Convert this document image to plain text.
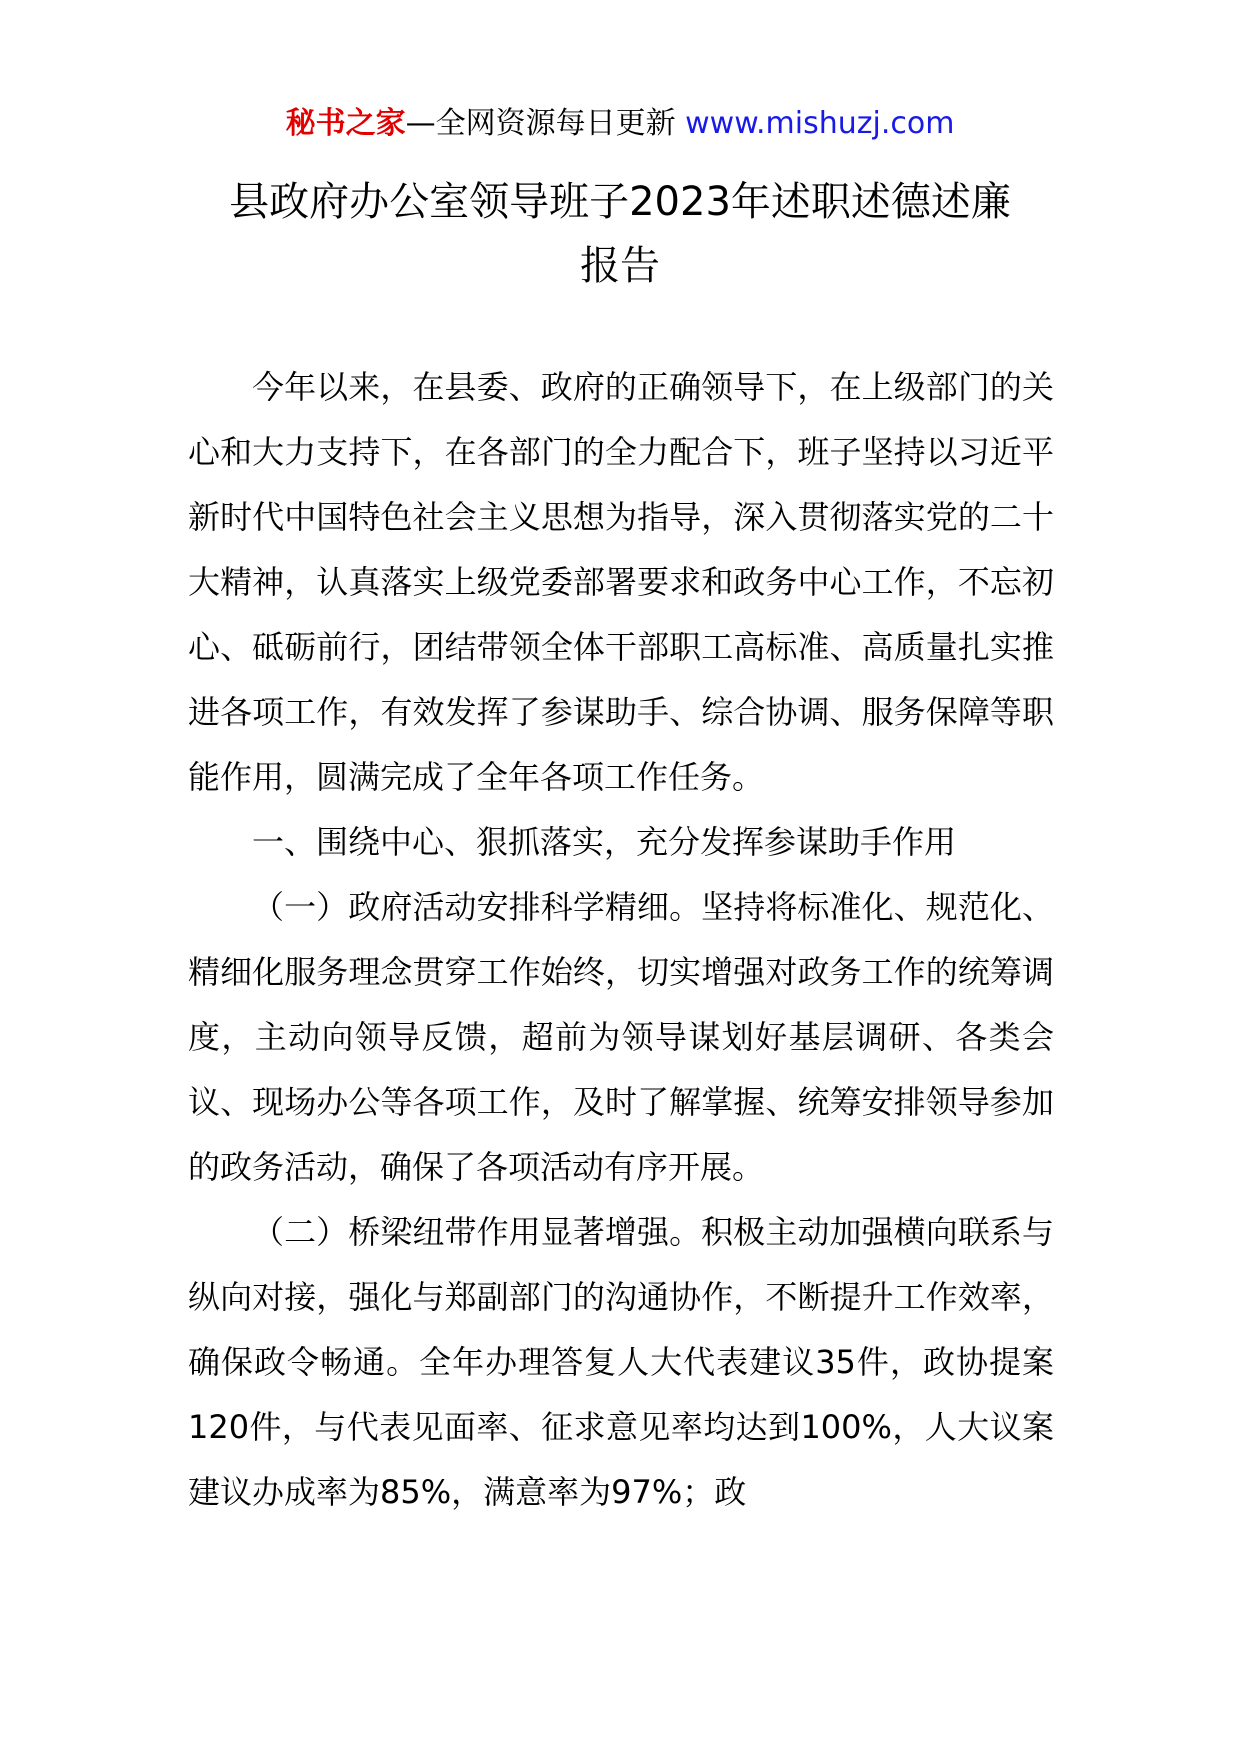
秘书之家—全网资源每日更新 www.mishuzj.com
县政府办公室领导班子2023年述职述德述廉
报告

今年以来，在县委、政府的正确领导下，在上级部门的关心和大力支持下，在各部门的全力配合下，班子坚持以习近平新时代中国特色社会主义思想为指导，深入贯彻落实党的二十大精神，认真落实上级党委部署要求和政务中心工作，不忘初心、砥砺前行，团结带领全体干部职工高标准、高质量扎实推进各项工作，有效发挥了参谋助手、综合协调、服务保障等职能作用，圆满完成了全年各项工作任务。

一、围绕中心、狠抓落实，充分发挥参谋助手作用

（一）政府活动安排科学精细。坚持将标准化、规范化、精细化服务理念贯穿工作始终，切实增强对政务工作的统筹调度，主动向领导反馈，超前为领导谋划好基层调研、各类会议、现场办公等各项工作，及时了解掌握、统筹安排领导参加的政务活动，确保了各项活动有序开展。

（二）桥梁纽带作用显著增强。积极主动加强横向联系与纵向对接，强化与郑副部门的沟通协作，不断提升工作效率，确保政令畅通。全年办理答复人大代表建议35件，政协提案120件，与代表见面率、征求意见率均达到100%，人大议案建议办成率为85%，满意率为97%；政
